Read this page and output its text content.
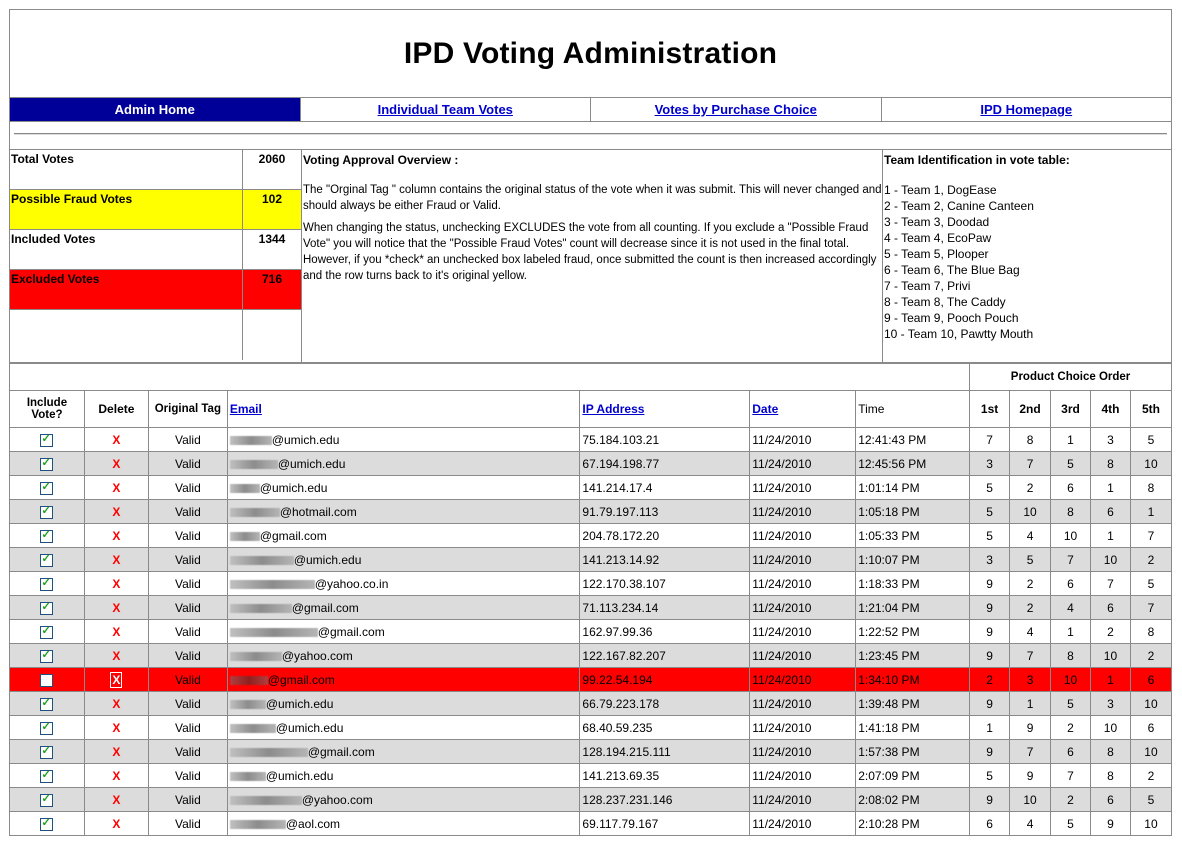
IPD Voting Administration
Admin Home	Individual Team Votes	Votes by Purchase Choice	IPD Homepage
Total Votes	2060
Possible Fraud Votes	102
Included Votes	1344
Excluded Votes	716
Voting Approval Overview :

The "Orginal Tag " column contains the original status of the vote when it was submit. This will never changed and should always be either Fraud or Valid.

When changing the status, unchecking EXCLUDES the vote from all counting. If you exclude a "Possible Fraud Vote" you will notice that the "Possible Fraud Votes" count will decrease since it is not used in the final total. However, if you *check* an unchecked box labeled fraud, once submitted the count is then increased accordingly and the row turns back to it's original yellow.

Team Identification in vote table:
1 - Team 1, DogEase
2 - Team 2, Canine Canteen
3 - Team 3, Doodad
4 - Team 4, EcoPaw
5 - Team 5, Plooper
6 - Team 6, The Blue Bag
7 - Team 7, Privi
8 - Team 8, The Caddy
9 - Team 9, Pooch Pouch
10 - Team 10, Pawtty Mouth
							Product Choice Order				
Include Vote?	Delete	Original Tag	Email	IP Address	Date	Time	1st	2nd	3rd	4th	5th
✓	X	Valid	@umich.edu	75.184.103.21	11/24/2010	12:41:43 PM	7	8	1	3	5
✓	X	Valid	@umich.edu	67.194.198.77	11/24/2010	12:45:56 PM	3	7	5	8	10
✓	X	Valid	@umich.edu	141.214.17.4	11/24/2010	1:01:14 PM	5	2	6	1	8
✓	X	Valid	@hotmail.com	91.79.197.113	11/24/2010	1:05:18 PM	5	10	8	6	1
✓	X	Valid	@gmail.com	204.78.172.20	11/24/2010	1:05:33 PM	5	4	10	1	7
✓	X	Valid	@umich.edu	141.213.14.92	11/24/2010	1:10:07 PM	3	5	7	10	2
✓	X	Valid	@yahoo.co.in	122.170.38.107	11/24/2010	1:18:33 PM	9	2	6	7	5
✓	X	Valid	@gmail.com	71.113.234.14	11/24/2010	1:21:04 PM	9	2	4	6	7
✓	X	Valid	@gmail.com	162.97.99.36	11/24/2010	1:22:52 PM	9	4	1	2	8
✓	X	Valid	@yahoo.com	122.167.82.207	11/24/2010	1:23:45 PM	9	7	8	10	2
	X	Valid	@gmail.com	99.22.54.194	11/24/2010	1:34:10 PM	2	3	10	1	6
✓	X	Valid	@umich.edu	66.79.223.178	11/24/2010	1:39:48 PM	9	1	5	3	10
✓	X	Valid	@umich.edu	68.40.59.235	11/24/2010	1:41:18 PM	1	9	2	10	6
✓	X	Valid	@gmail.com	128.194.215.111	11/24/2010	1:57:38 PM	9	7	6	8	10
✓	X	Valid	@umich.edu	141.213.69.35	11/24/2010	2:07:09 PM	5	9	7	8	2
✓	X	Valid	@yahoo.com	128.237.231.146	11/24/2010	2:08:02 PM	9	10	2	6	5
✓	X	Valid	@aol.com	69.117.79.167	11/24/2010	2:10:28 PM	6	4	5	9	10
